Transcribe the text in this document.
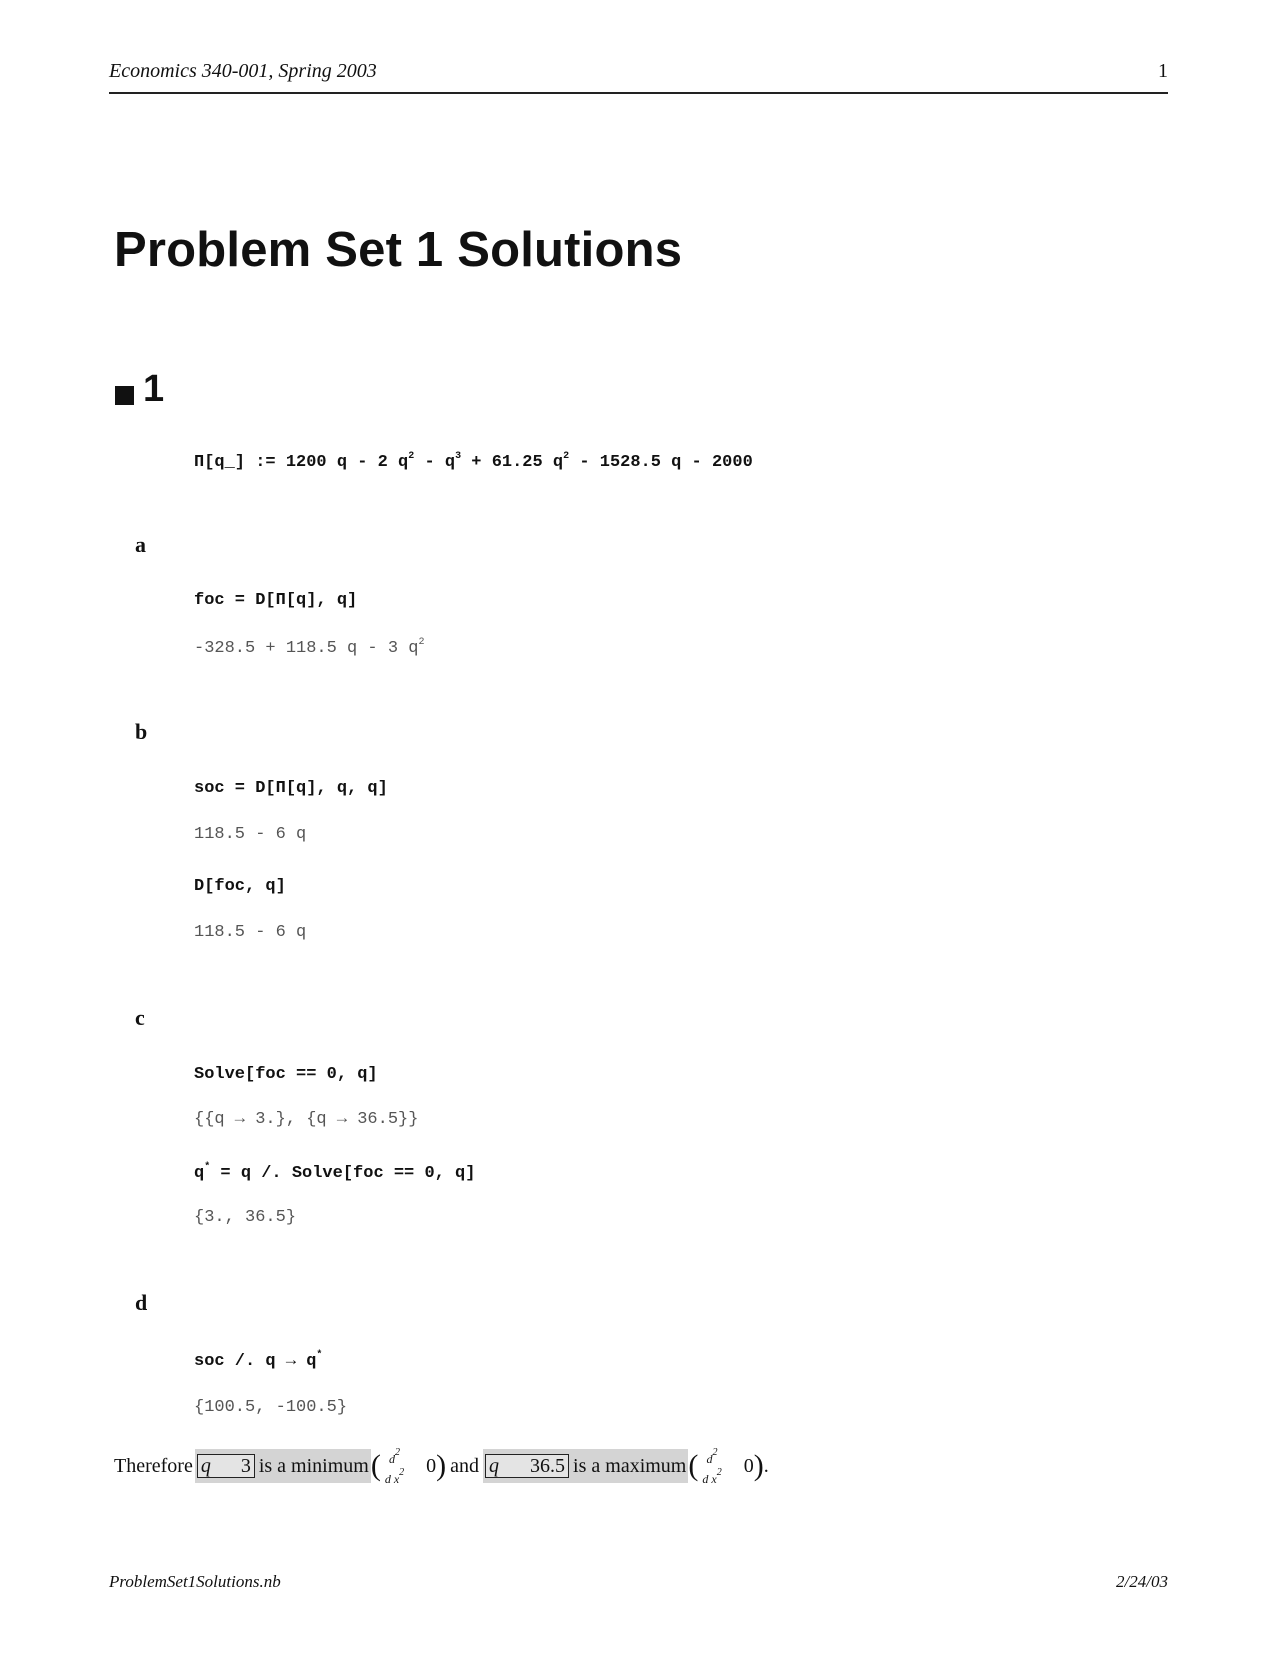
Economics 340-001, Spring 2003	1
Problem Set 1 Solutions
1
Π[q_] := 1200 q - 2 $q^2 - q^3 + 61.25$ $q^2 - 1528.5$ q - 2000
a
foc = D[Π[q], q]
-328.5 + 118.5 q - 3 $q^2$
b
soc = D[Π[q], q, q]
118.5 - 6 q
D[foc, q]
118.5 - 6 q
c
Solve[foc == 0, q]
{{q → 3.}, {q → 36.5}}
q* = q /. Solve[foc == 0, q]
{3., 36.5}
d
soc /. q → q*
{100.5, -100.5}
Therefore q 3 is a minimum ( $d^2$
d $x^2$ 0 ) and q 36.5 is a maximum ( $d^2$
d $x^2$ 0 ) .
ProblemSet1Solutions.nb	2/24/03
